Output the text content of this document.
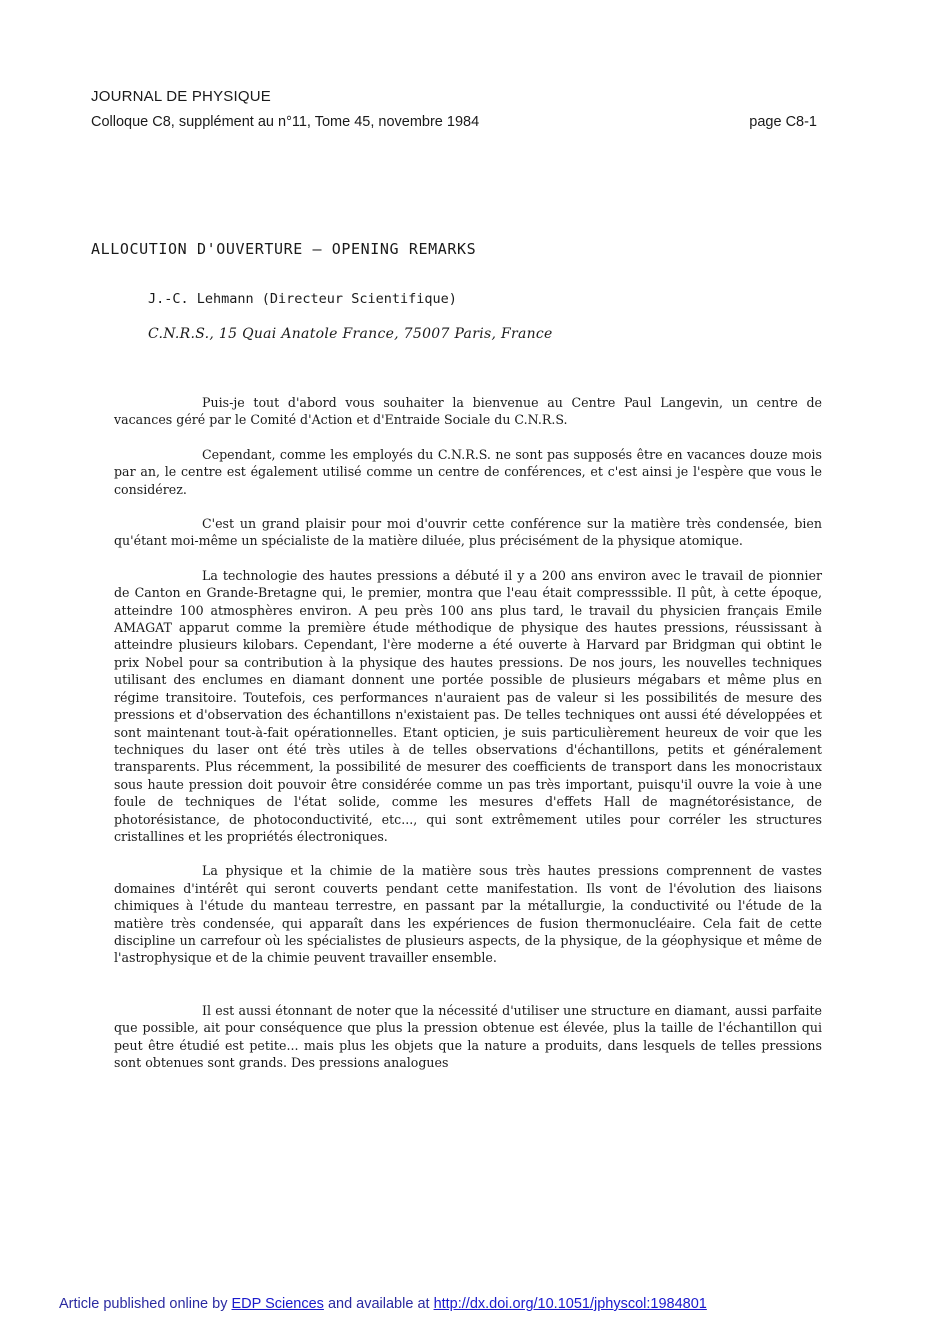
JOURNAL DE PHYSIQUE
Colloque C8, supplément au n°11, Tome 45, novembre 1984	page C8-1
ALLOCUTION D'OUVERTURE — OPENING REMARKS
J.-C. Lehmann (Directeur Scientifique)
C.N.R.S., 15 Quai Anatole France, 75007 Paris, France

Puis-je tout d'abord vous souhaiter la bienvenue au Centre Paul Langevin, un centre de vacances géré par le Comité d'Action et d'Entraide Sociale du C.N.R.S.

Cependant, comme les employés du C.N.R.S. ne sont pas supposés être en vacances douze mois par an, le centre est également utilisé comme un centre de conférences, et c'est ainsi je l'espère que vous le considérez.

C'est un grand plaisir pour moi d'ouvrir cette conférence sur la matière très condensée, bien qu'étant moi-même un spécialiste de la matière diluée, plus précisément de la physique atomique.

La technologie des hautes pressions a débuté il y a 200 ans environ avec le travail de pionnier de Canton en Grande-Bretagne qui, le premier, montra que l'eau était compresssible. Il pût, à cette époque, atteindre 100 atmosphères environ. A peu près 100 ans plus tard, le travail du physicien français Emile AMAGAT apparut comme la première étude méthodique de physique des hautes pressions, réussissant à atteindre plusieurs kilobars. Cependant, l'ère moderne a été ouverte à Harvard par Bridgman qui obtint le prix Nobel pour sa contribution à la physique des hautes pressions. De nos jours, les nouvelles techniques utilisant des enclumes en diamant donnent une portée possible de plusieurs mégabars et même plus en régime transitoire. Toutefois, ces performances n'auraient pas de valeur si les possibilités de mesure des pressions et d'observation des échantillons n'existaient pas. De telles techniques ont aussi été développées et sont maintenant tout-à-fait opérationnelles. Etant opticien, je suis particulièrement heureux de voir que les techniques du laser ont été très utiles à de telles observations d'échantillons, petits et généralement transparents. Plus récemment, la possibilité de mesurer des coefficients de transport dans les monocristaux sous haute pression doit pouvoir être considérée comme un pas très important, puisqu'il ouvre la voie à une foule de techniques de l'état solide, comme les mesures d'effets Hall de magnétorésistance, de photorésistance, de photoconductivité, etc..., qui sont extrêmement utiles pour corréler les structures cristallines et les propriétés électroniques.

La physique et la chimie de la matière sous très hautes pressions comprennent de vastes domaines d'intérêt qui seront couverts pendant cette manifestation. Ils vont de l'évolution des liaisons chimiques à l'étude du manteau terrestre, en passant par la métallurgie, la conductivité ou l'étude de la matière très condensée, qui apparaît dans les expériences de fusion thermonucléaire. Cela fait de cette discipline un carrefour où les spécialistes de plusieurs aspects, de la physique, de la géophysique et même de l'astrophysique et de la chimie peuvent travailler ensemble.

Il est aussi étonnant de noter que la nécessité d'utiliser une structure en diamant, aussi parfaite que possible, ait pour conséquence que plus la pression obtenue est élevée, plus la taille de l'échantillon qui peut être étudié est petite... mais plus les objets que la nature a produits, dans lesquels de telles pressions sont obtenues sont grands. Des pressions analogues

Article published online by EDP Sciences and available at http://dx.doi.org/10.1051/jphyscol:1984801
